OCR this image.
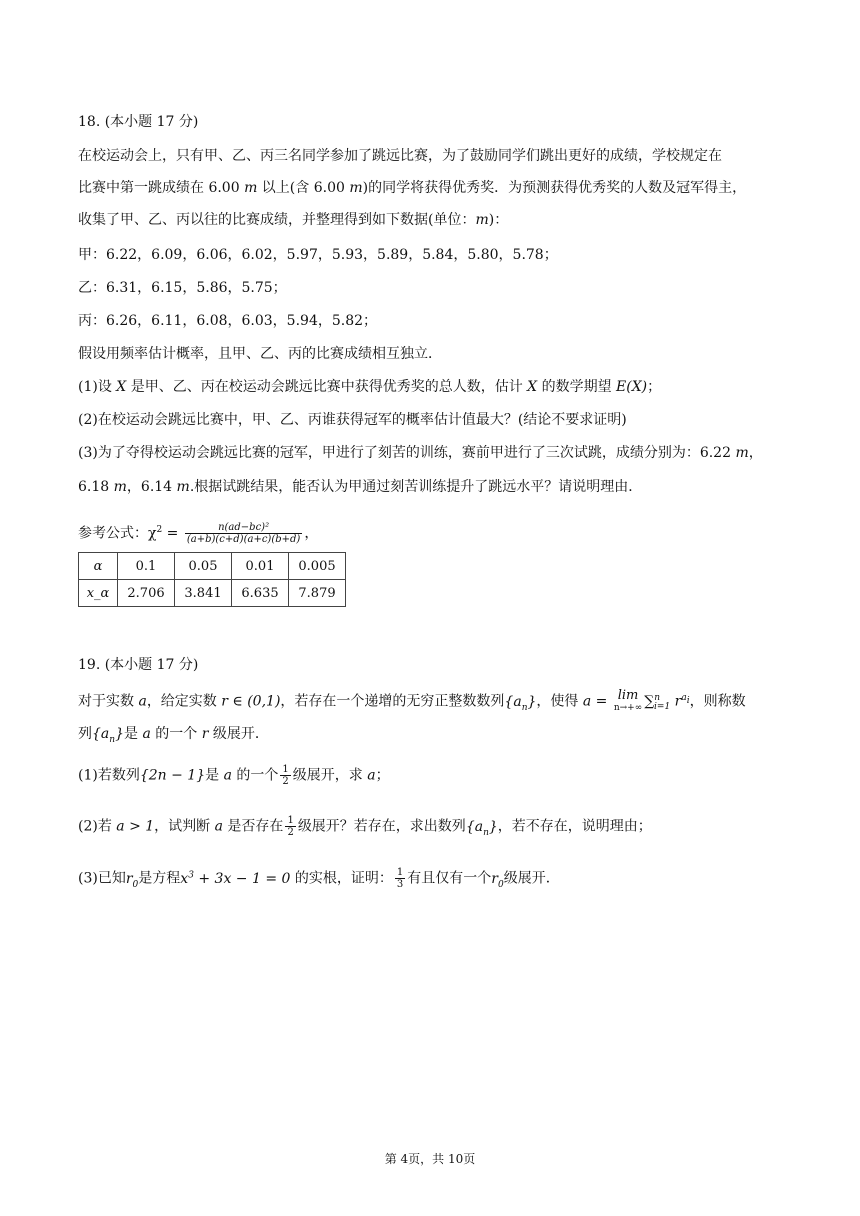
18. (本小题 17 分)
在校运动会上，只有甲、乙、丙三名同学参加了跳远比赛，为了鼓励同学们跳出更好的成绩，学校规定在
比赛中第一跳成绩在 6.00 m 以上(含 6.00 m)的同学将获得优秀奖．为预测获得优秀奖的人数及冠军得主，
收集了甲、乙、丙以往的比赛成绩，并整理得到如下数据(单位：m)：
甲：6.22，6.09，6.06，6.02，5.97，5.93，5.89，5.84，5.80，5.78；
乙：6.31，6.15，5.86，5.75；
丙：6.26，6.11，6.08，6.03，5.94，5.82；
假设用频率估计概率，且甲、乙、丙的比赛成绩相互独立．
(1)设 X 是甲、乙、丙在校运动会跳远比赛中获得优秀奖的总人数，估计 X 的数学期望 E(X)；
(2)在校运动会跳远比赛中，甲、乙、丙谁获得冠军的概率估计值最大？(结论不要求证明)
(3)为了夺得校运动会跳远比赛的冠军，甲进行了刻苦的训练，赛前甲进行了三次试跳，成绩分别为：6.22 m，
6.18 m，6.14 m.根据试跳结果，能否认为甲通过刻苦训练提升了跳远水平？请说明理由．
参考公式：$\chi^2 = \frac{\text{n(ad−bc)²}}{(a+b)(c+d)(a+c)(b+d)}$ ，
α	0.1	0.05	0.01	0.005
x_α	2.706	3.841	6.635	7.879
19. (本小题 17 分)
对于实数 a，给定实数 r ∈ (0,1)，若存在一个递增的无穷正整数数列$\{a_n\}$，使得 a = lim
n→+∞ ∑$^n_{i=1}$ $r^{a_i}$，则称数
列$\{a_n\}$是 a 的一个 r 级展开．
(1)若数列{2n − 1}是 a 的一个 $\frac{1}{2}$ 级展开，求 a；
(2)若 a > 1，试判断 a 是否存在 $\frac{1}{2}$ 级展开？若存在，求出数列$\{a_n\}$，若不存在，说明理由；
(3)已知$r_0$是方程$x^3 + 3x - 1 = 0$ 的实根，证明： $\frac{1}{3}$ 有且仅有一个$r_0$级展开．
第 4页，共 10页
